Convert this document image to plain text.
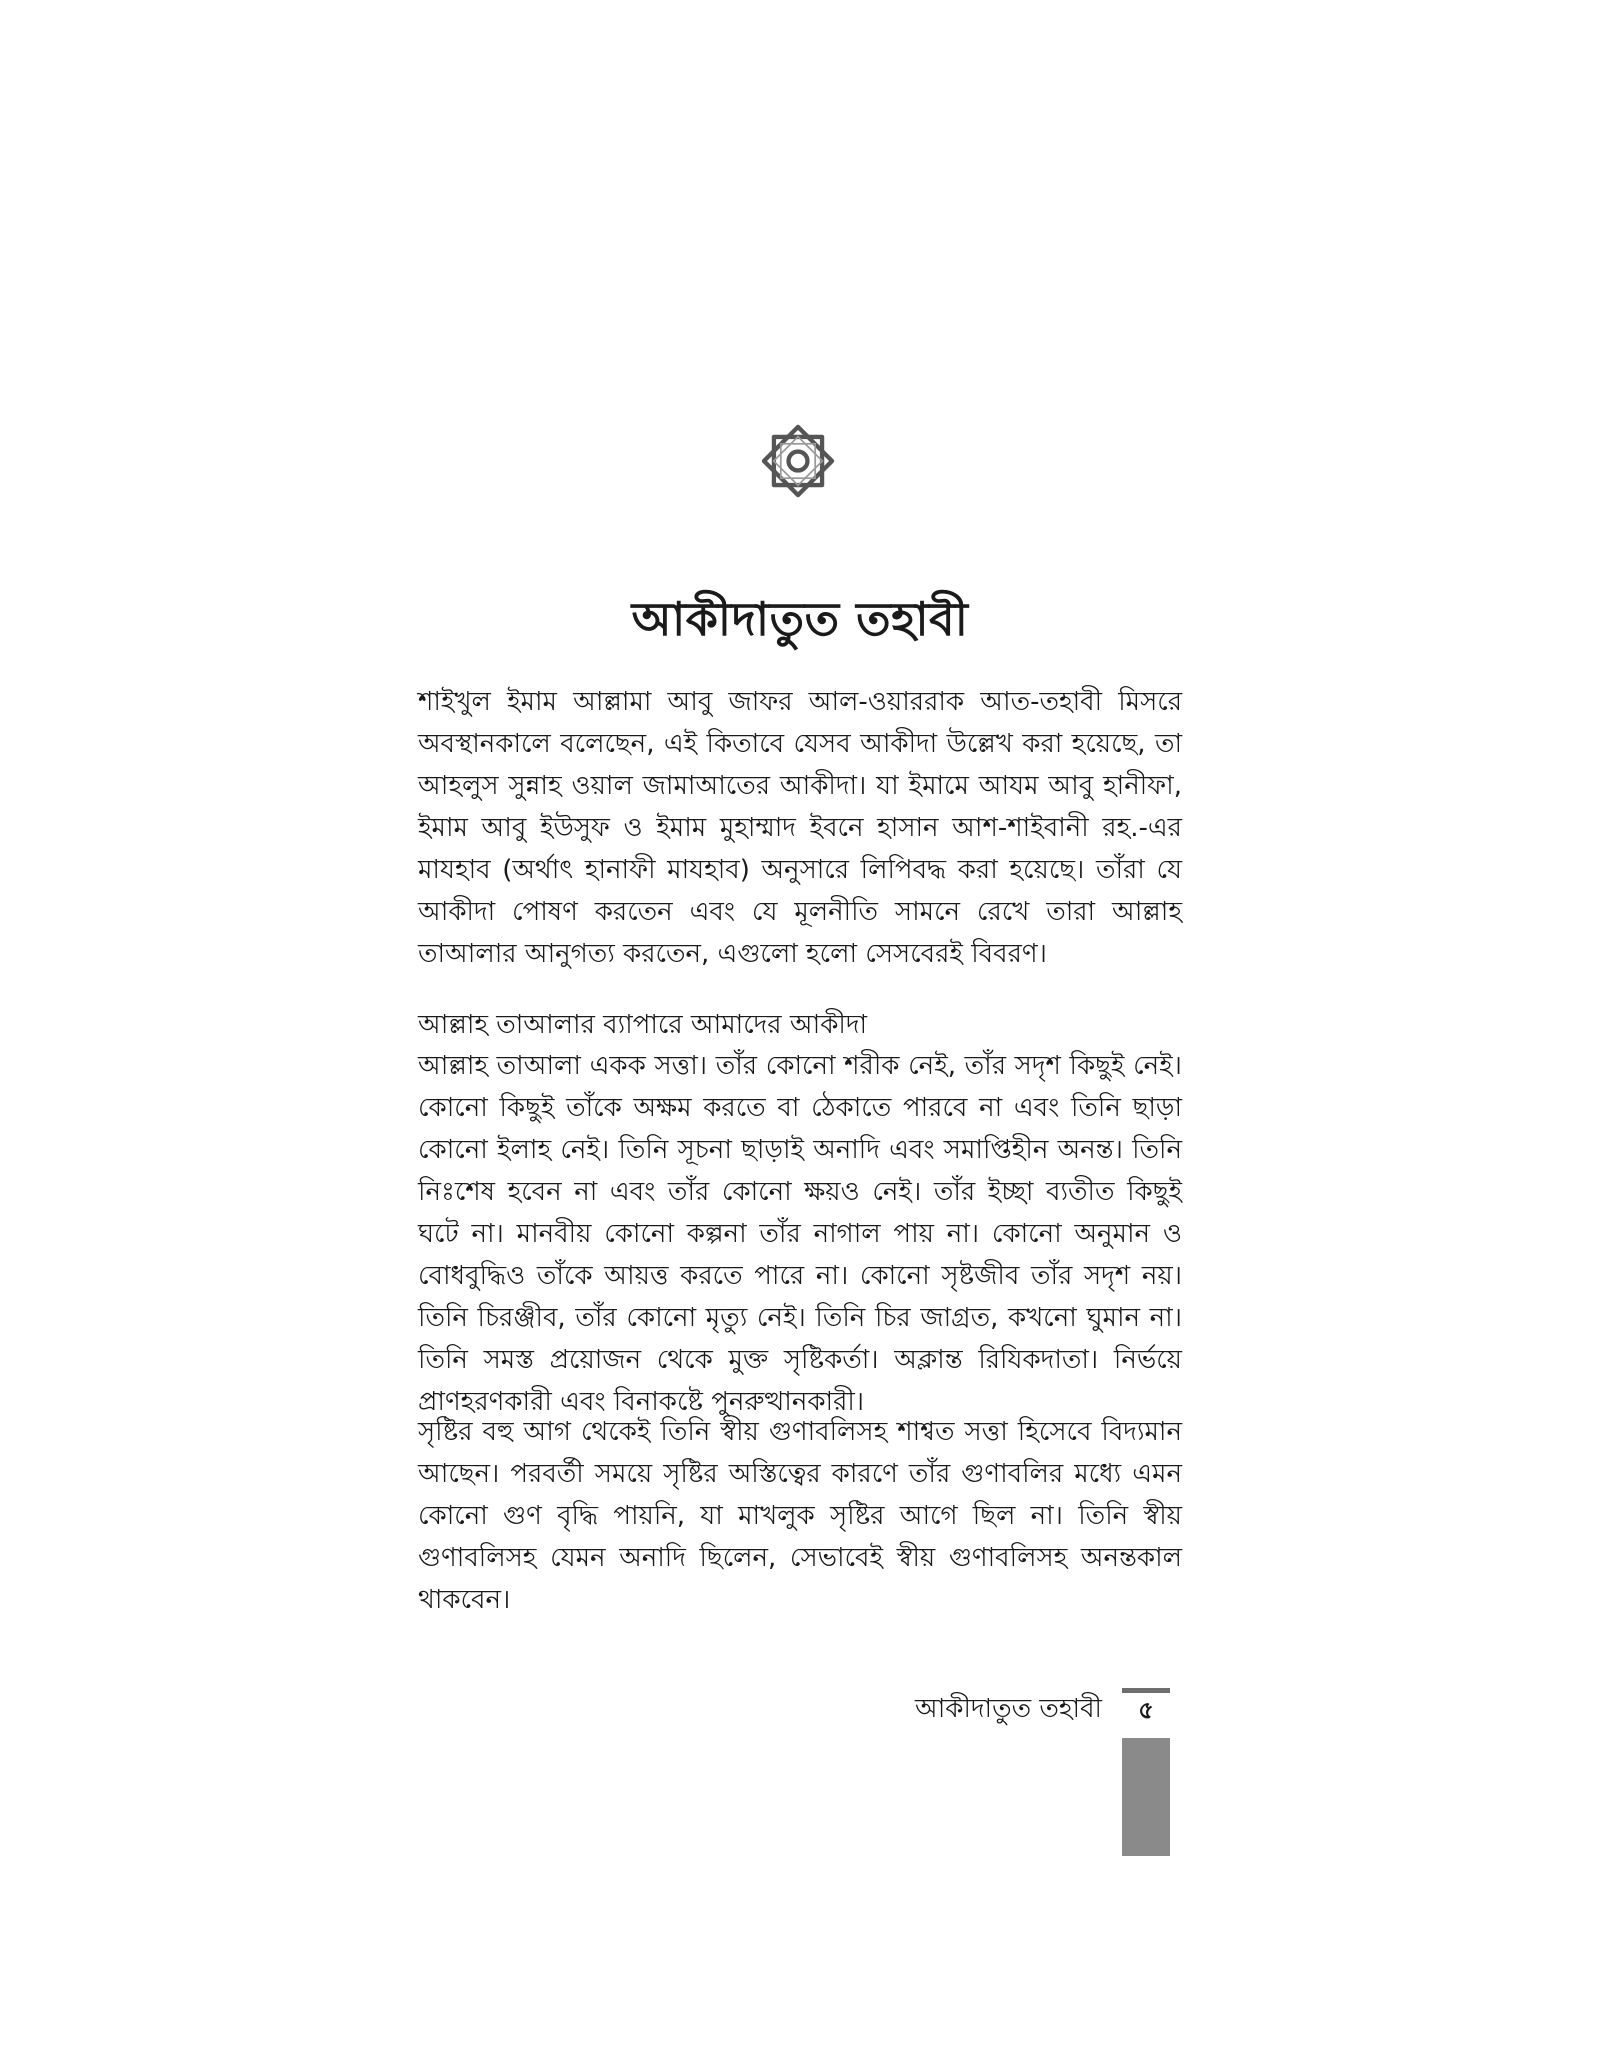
আকীদাতুত তহাবী

শাইখুল ইমাম আল্লামা আবু জাফর আল-ওয়াররাক আত-তহাবী মিসরে অবস্থানকালে বলেছেন, এই কিতাবে যেসব আকীদা উল্লেখ করা হয়েছে, তা আহলুস সুন্নাহ ওয়াল জামাআতের আকীদা। যা ইমামে আযম আবু হানীফা, ইমাম আবু ইউসুফ ও ইমাম মুহাম্মাদ ইবনে হাসান আশ-শাইবানী রহ.-এর মাযহাব (অর্থাৎ হানাফী মাযহাব) অনুসারে লিপিবদ্ধ করা হয়েছে। তাঁরা যে আকীদা পোষণ করতেন এবং যে মূলনীতি সামনে রেখে তারা আল্লাহ তাআলার আনুগত্য করতেন, এগুলো হলো সেসবেরই বিবরণ।

আল্লাহ তাআলার ব্যাপারে আমাদের আকীদা

আল্লাহ তাআলা একক সত্তা। তাঁর কোনো শরীক নেই, তাঁর সদৃশ কিছুই নেই। কোনো কিছুই তাঁকে অক্ষম করতে বা ঠেকাতে পারবে না এবং তিনি ছাড়া কোনো ইলাহ নেই। তিনি সূচনা ছাড়াই অনাদি এবং সমাপ্তিহীন অনন্ত। তিনি নিঃশেষ হবেন না এবং তাঁর কোনো ক্ষয়ও নেই। তাঁর ইচ্ছা ব্যতীত কিছুই ঘটে না। মানবীয় কোনো কল্পনা তাঁর নাগাল পায় না। কোনো অনুমান ও বোধবুদ্ধিও তাঁকে আয়ত্ত করতে পারে না। কোনো সৃষ্টজীব তাঁর সদৃশ নয়। তিনি চিরঞ্জীব, তাঁর কোনো মৃত্যু নেই। তিনি চির জাগ্রত, কখনো ঘুমান না। তিনি সমস্ত প্রয়োজন থেকে মুক্ত সৃষ্টিকর্তা। অক্লান্ত রিযিকদাতা। নির্ভয়ে প্রাণহরণকারী এবং বিনাকষ্টে পুনরুত্থানকারী।

সৃষ্টির বহু আগ থেকেই তিনি স্বীয় গুণাবলিসহ শাশ্বত সত্তা হিসেবে বিদ্যমান আছেন। পরবর্তী সময়ে সৃষ্টির অস্তিত্বের কারণে তাঁর গুণাবলির মধ্যে এমন কোনো গুণ বৃদ্ধি পায়নি, যা মাখলুক সৃষ্টির আগে ছিল না। তিনি স্বীয় গুণাবলিসহ যেমন অনাদি ছিলেন, সেভাবেই স্বীয় গুণাবলিসহ অনন্তকাল থাকবেন।

আকীদাতুত তহাবী	৫
